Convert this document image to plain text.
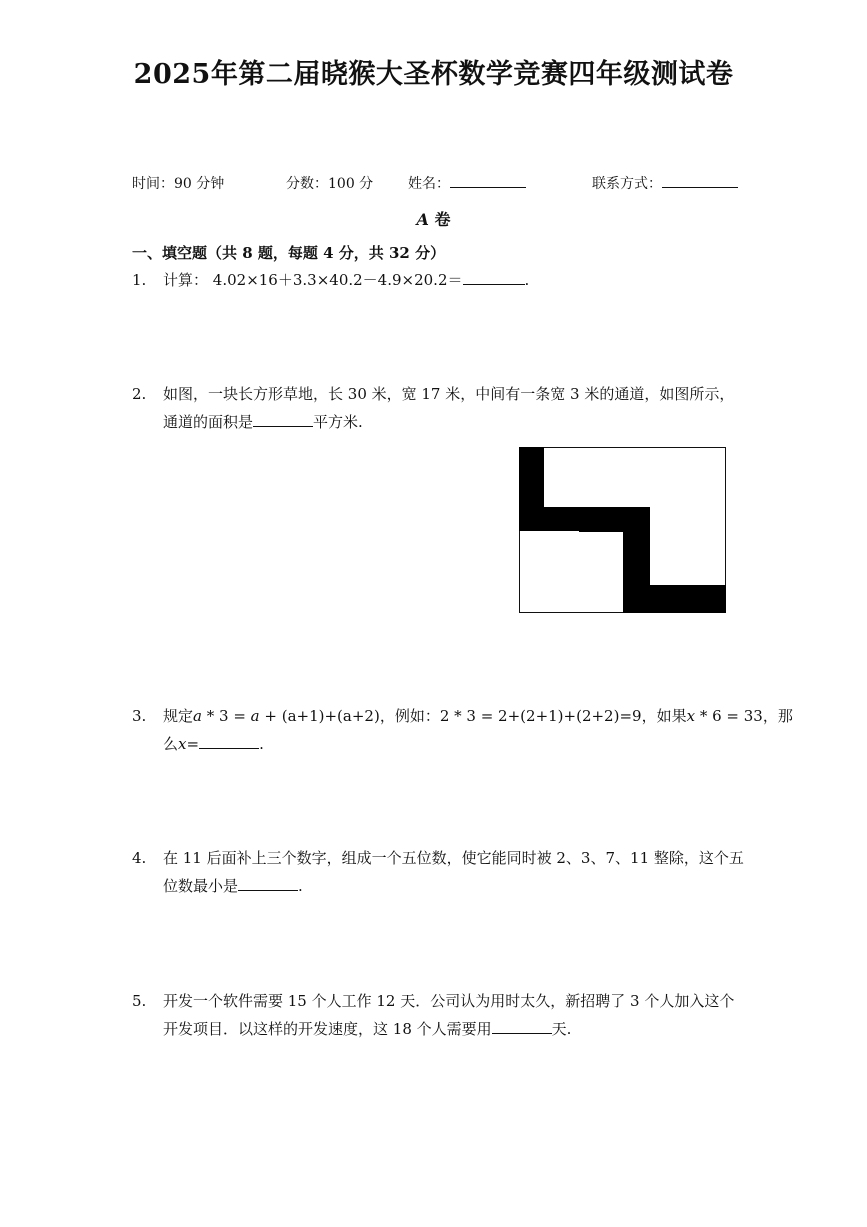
2025年第二届晓猴大圣杯数学竞赛四年级测试卷
时间：90 分钟	分数：100 分 姓名：	联系方式：
A 卷
一、填空题（共 8 题，每题 4 分，共 32 分）
1.	计算： 4.02×16＋3.3×40.2－4.9×20.2＝	.
2.	如图，一块长方形草地，长 30 米，宽 17 米，中间有一条宽 3 米的通道，如图所示，
通道的面积是	平方米.
3.	规定a * 3 = a + (a+1)+(a+2)，例如：2 * 3 = 2+(2+1)+(2+2)=9，如果x * 6 = 33，那
么x=	.
4.	在 11 后面补上三个数字，组成一个五位数，使它能同时被 2、3、7、11 整除，这个五
位数最小是	.
5.	开发一个软件需要 15 个人工作 12 天．公司认为用时太久，新招聘了 3 个人加入这个
开发项目．以这样的开发速度，这 18 个人需要用	天.
